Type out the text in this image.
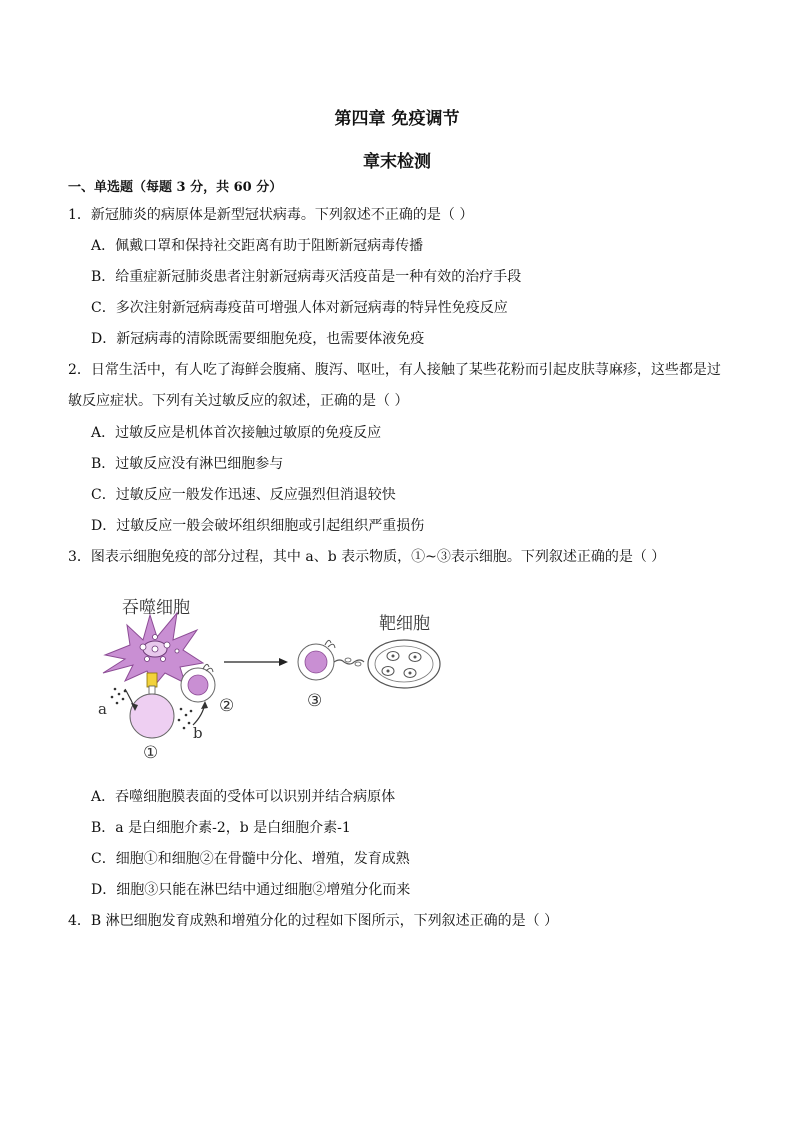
第四章 免疫调节
章末检测
一、单选题（每题 3 分，共 60 分）
1．新冠肺炎的病原体是新型冠状病毒。下列叙述不正确的是（ ）
A．佩戴口罩和保持社交距离有助于阻断新冠病毒传播
B．给重症新冠肺炎患者注射新冠病毒灭活疫苗是一种有效的治疗手段
C．多次注射新冠病毒疫苗可增强人体对新冠病毒的特异性免疫反应
D．新冠病毒的清除既需要细胞免疫，也需要体液免疫
2．日常生活中，有人吃了海鲜会腹痛、腹泻、呕吐，有人接触了某些花粉而引起皮肤荨麻疹，这些都是过
敏反应症状。下列有关过敏反应的叙述，正确的是（ ）
A．过敏反应是机体首次接触过敏原的免疫反应
B．过敏反应没有淋巴细胞参与
C．过敏反应一般发作迅速、反应强烈但消退较快
D．过敏反应一般会破坏组织细胞或引起组织严重损伤
3．图表示细胞免疫的部分过程，其中 a、b 表示物质，①~③表示细胞。下列叙述正确的是（ ）
吞噬细胞
a
b
①
②	③
靶细胞
A．吞噬细胞膜表面的受体可以识别并结合病原体
B．a 是白细胞介素-2，b 是白细胞介素-1
C．细胞①和细胞②在骨髓中分化、增殖，发育成熟
D．细胞③只能在淋巴结中通过细胞②增殖分化而来
4．B 淋巴细胞发育成熟和增殖分化的过程如下图所示，下列叙述正确的是（ ）
